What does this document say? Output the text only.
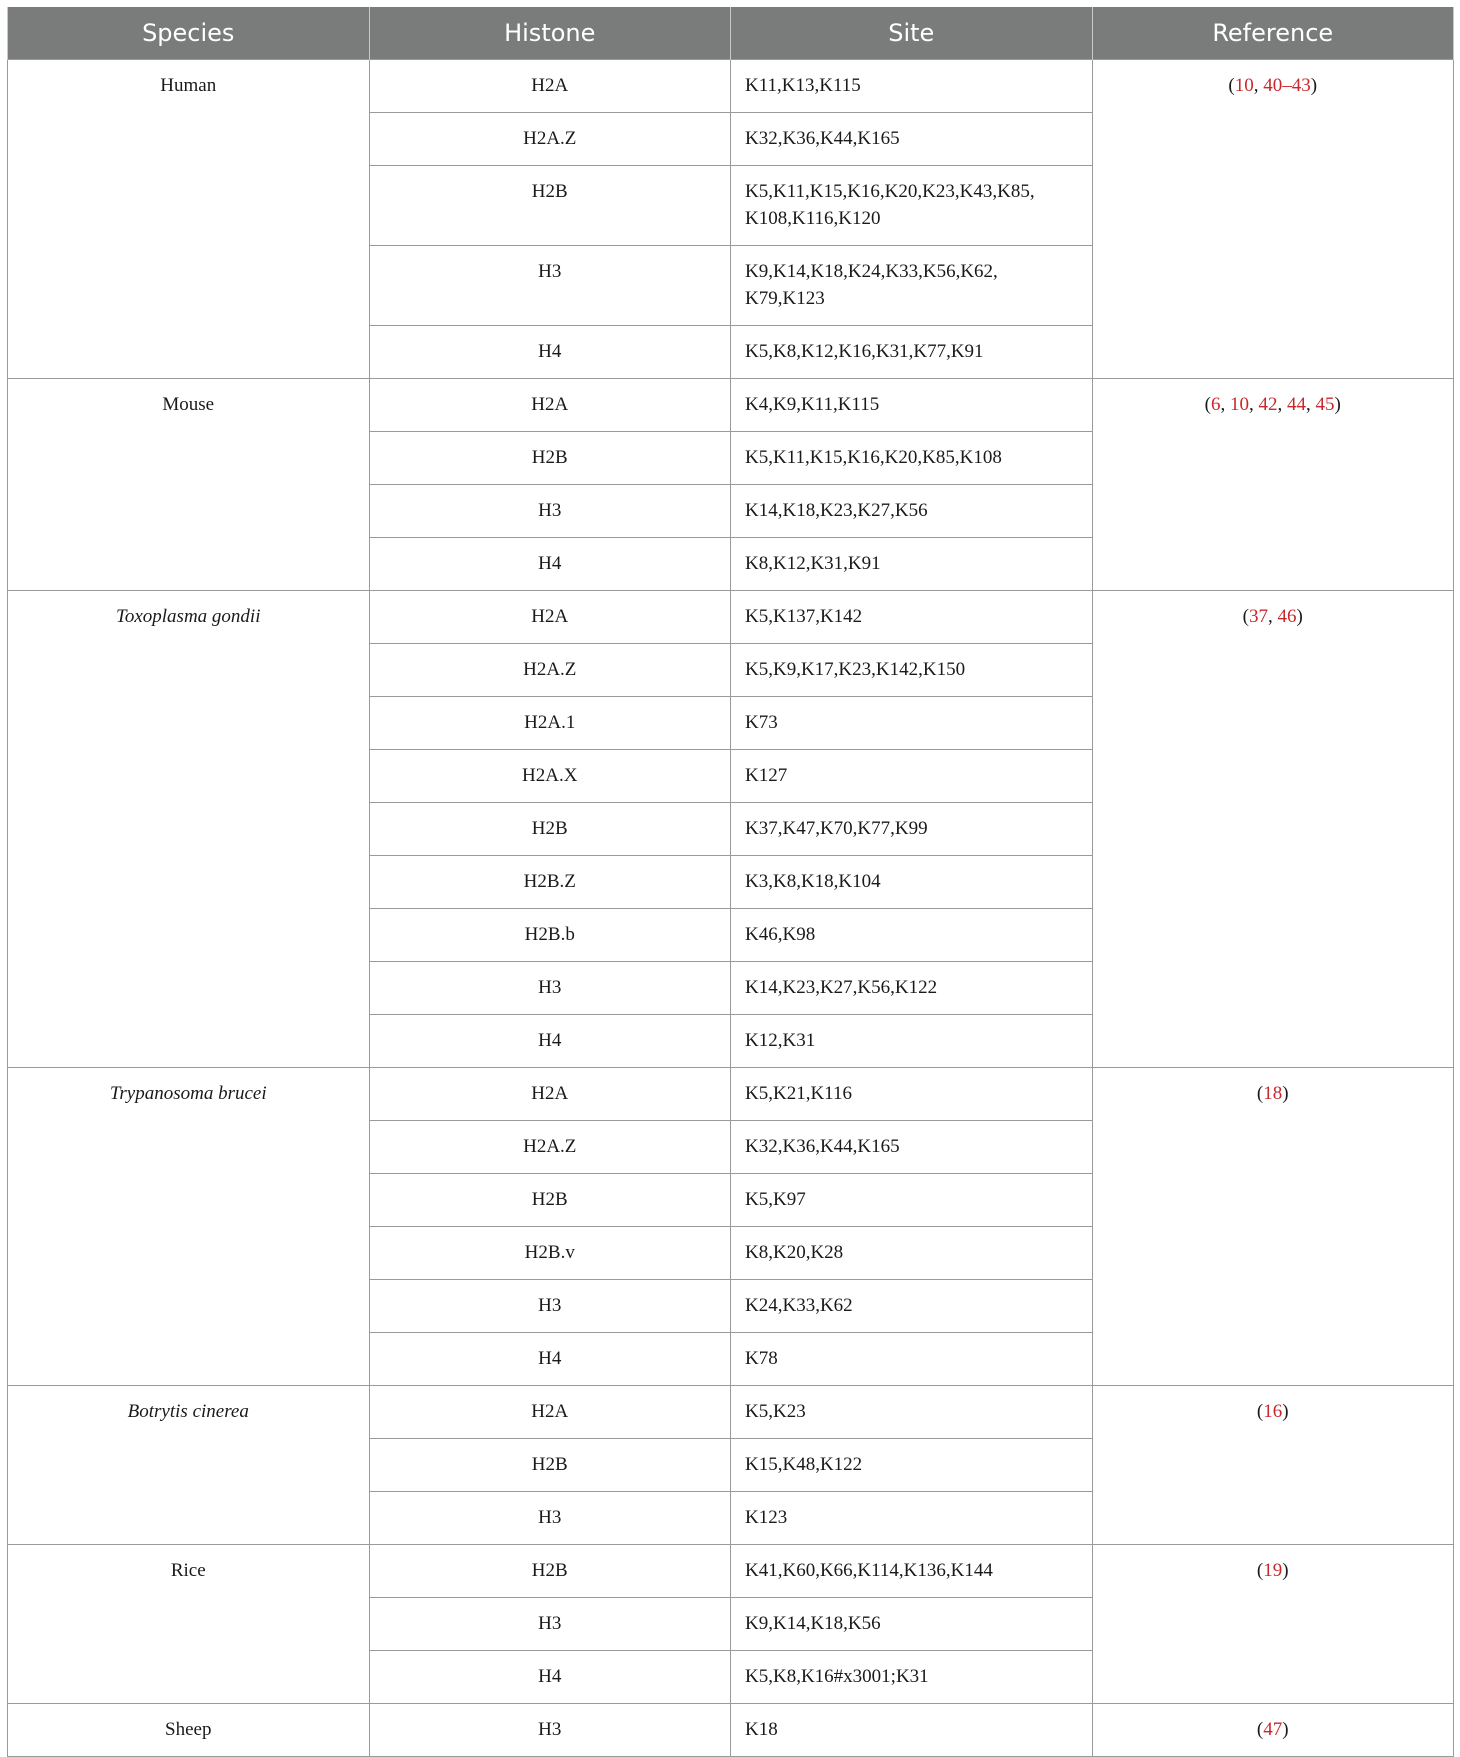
Species	Histone	Site	Reference
Human	H2A	K11,K13,K115	(10, 40–43)
	H2A.Z	K32,K36,K44,K165	
	H2B	K5,K11,K15,K16,K20,K23,K43,K85,
K108,K116,K120	
	H3	K9,K14,K18,K24,K33,K56,K62,
K79,K123	
	H4	K5,K8,K12,K16,K31,K77,K91	
Mouse	H2A	K4,K9,K11,K115	(6, 10, 42, 44, 45)
	H2B	K5,K11,K15,K16,K20,K85,K108	
	H3	K14,K18,K23,K27,K56	
	H4	K8,K12,K31,K91	
Toxoplasma gondii	H2A	K5,K137,K142	(37, 46)
	H2A.Z	K5,K9,K17,K23,K142,K150	
	H2A.1	K73	
	H2A.X	K127	
	H2B	K37,K47,K70,K77,K99	
	H2B.Z	K3,K8,K18,K104	
	H2B.b	K46,K98	
	H3	K14,K23,K27,K56,K122	
	H4	K12,K31	
Trypanosoma brucei	H2A	K5,K21,K116	(18)
	H2A.Z	K32,K36,K44,K165	
	H2B	K5,K97	
	H2B.v	K8,K20,K28	
	H3	K24,K33,K62	
	H4	K78	
Botrytis cinerea	H2A	K5,K23	(16)
	H2B	K15,K48,K122	
	H3	K123	
Rice	H2B	K41,K60,K66,K114,K136,K144	(19)
	H3	K9,K14,K18,K56	
	H4	K5,K8,K16#x3001;K31	
Sheep	H3	K18	(47)
